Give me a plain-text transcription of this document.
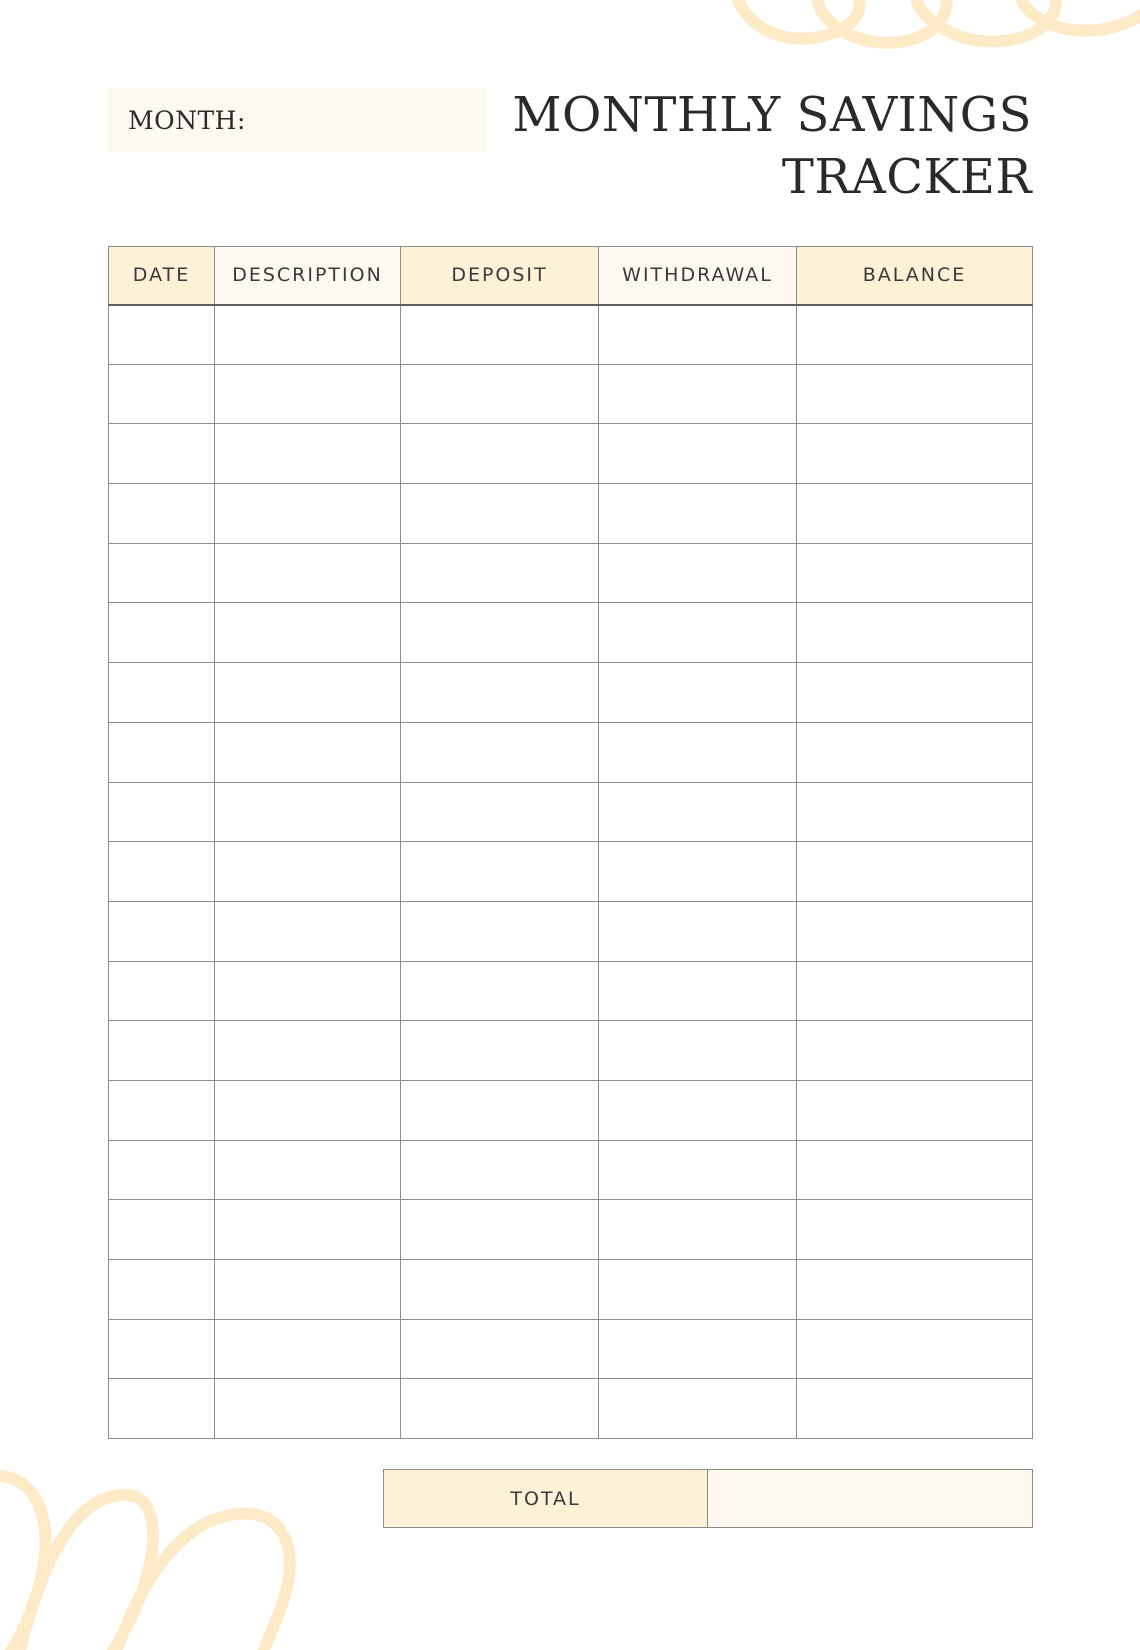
MONTH:	MONTHLY SAVINGS
TRACKER
DATE	DESCRIPTION	DEPOSIT	WITHDRAWAL	BALANCE

TOTAL	
